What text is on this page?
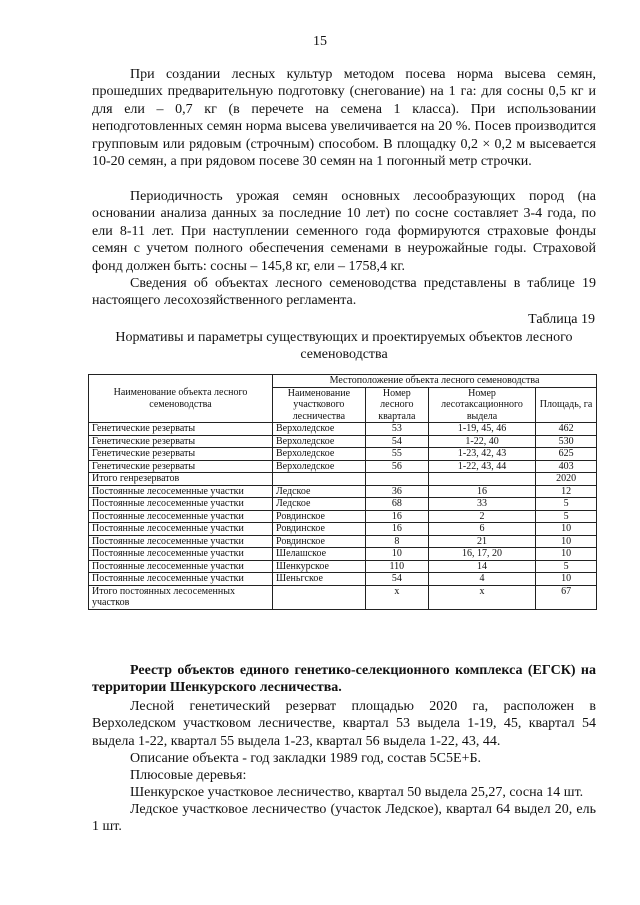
15

При создании лесных культур методом посева норма высева семян, прошедших предварительную подготовку (снегование) на 1 га: для сосны 0,5 кг и для ели – 0,7 кг (в перечете на семена 1 класса). При использовании неподготовленных семян норма высева увеличивается на 20 %. Посев производится групповым или рядовым (строчным) способом. В площадку 0,2 × 0,2 м высевается 10-20 семян, а при рядовом посеве 30 семян на 1 погонный метр строчки.

Периодичность урожая семян основных лесообразующих пород (на основании анализа данных за последние 10 лет) по сосне составляет 3-4 года, по ели 8-11 лет. При наступлении семенного года формируются страховые фонды семян с учетом полного обеспечения семенами в неурожайные годы. Страховой фонд должен быть: сосны – 145,8 кг, ели – 1758,4 кг.

Сведения об объектах лесного семеноводства представлены в таблице 19 настоящего лесохозяйственного регламента.

Таблица 19
Нормативы и параметры существующих и проектируемых объектов лесного семеноводства
Наименование объекта лесного семеноводства	Местоположение объекта лесного семеноводства			
	Наименование участкового лесничества	Номер лесного квартала	Номер лесотаксационного выдела	Площадь, га
Генетические резерваты	Верхоледское	53	1-19, 45, 46	462
Генетические резерваты	Верхоледское	54	1-22, 40	530
Генетические резерваты	Верхоледское	55	1-23, 42, 43	625
Генетические резерваты	Верхоледское	56	1-22, 43, 44	403
Итого генрезерватов				2020
Постоянные лесосеменные участки	Ледское	36	16	12
Постоянные лесосеменные участки	Ледское	68	33	5
Постоянные лесосеменные участки	Ровдинское	16	2	5
Постоянные лесосеменные участки	Ровдинское	16	6	10
Постоянные лесосеменные участки	Ровдинское	8	21	10
Постоянные лесосеменные участки	Шелашское	10	16, 17, 20	10
Постоянные лесосеменные участки	Шенкурское	110	14	5
Постоянные лесосеменные участки	Шеньгское	54	4	10
Итого постоянных лесосеменных участков		х	х	67

Реестр объектов единого генетико-селекционного комплекса (ЕГСК) на территории Шенкурского лесничества.

Лесной генетический резерват площадью 2020 га, расположен в Верхоледском участковом лесничестве, квартал 53 выдела 1-19, 45, квартал 54 выдела 1-22, квартал 55 выдела 1-23, квартал 56 выдела 1-22, 43, 44.

Описание объекта - год закладки 1989 год, состав 5С5Е+Б.

Плюсовые деревья:

Шенкурское участковое лесничество, квартал 50 выдела 25,27, сосна 14 шт.

Ледское участковое лесничество (участок Ледское), квартал 64 выдел 20, ель 1 шт.
